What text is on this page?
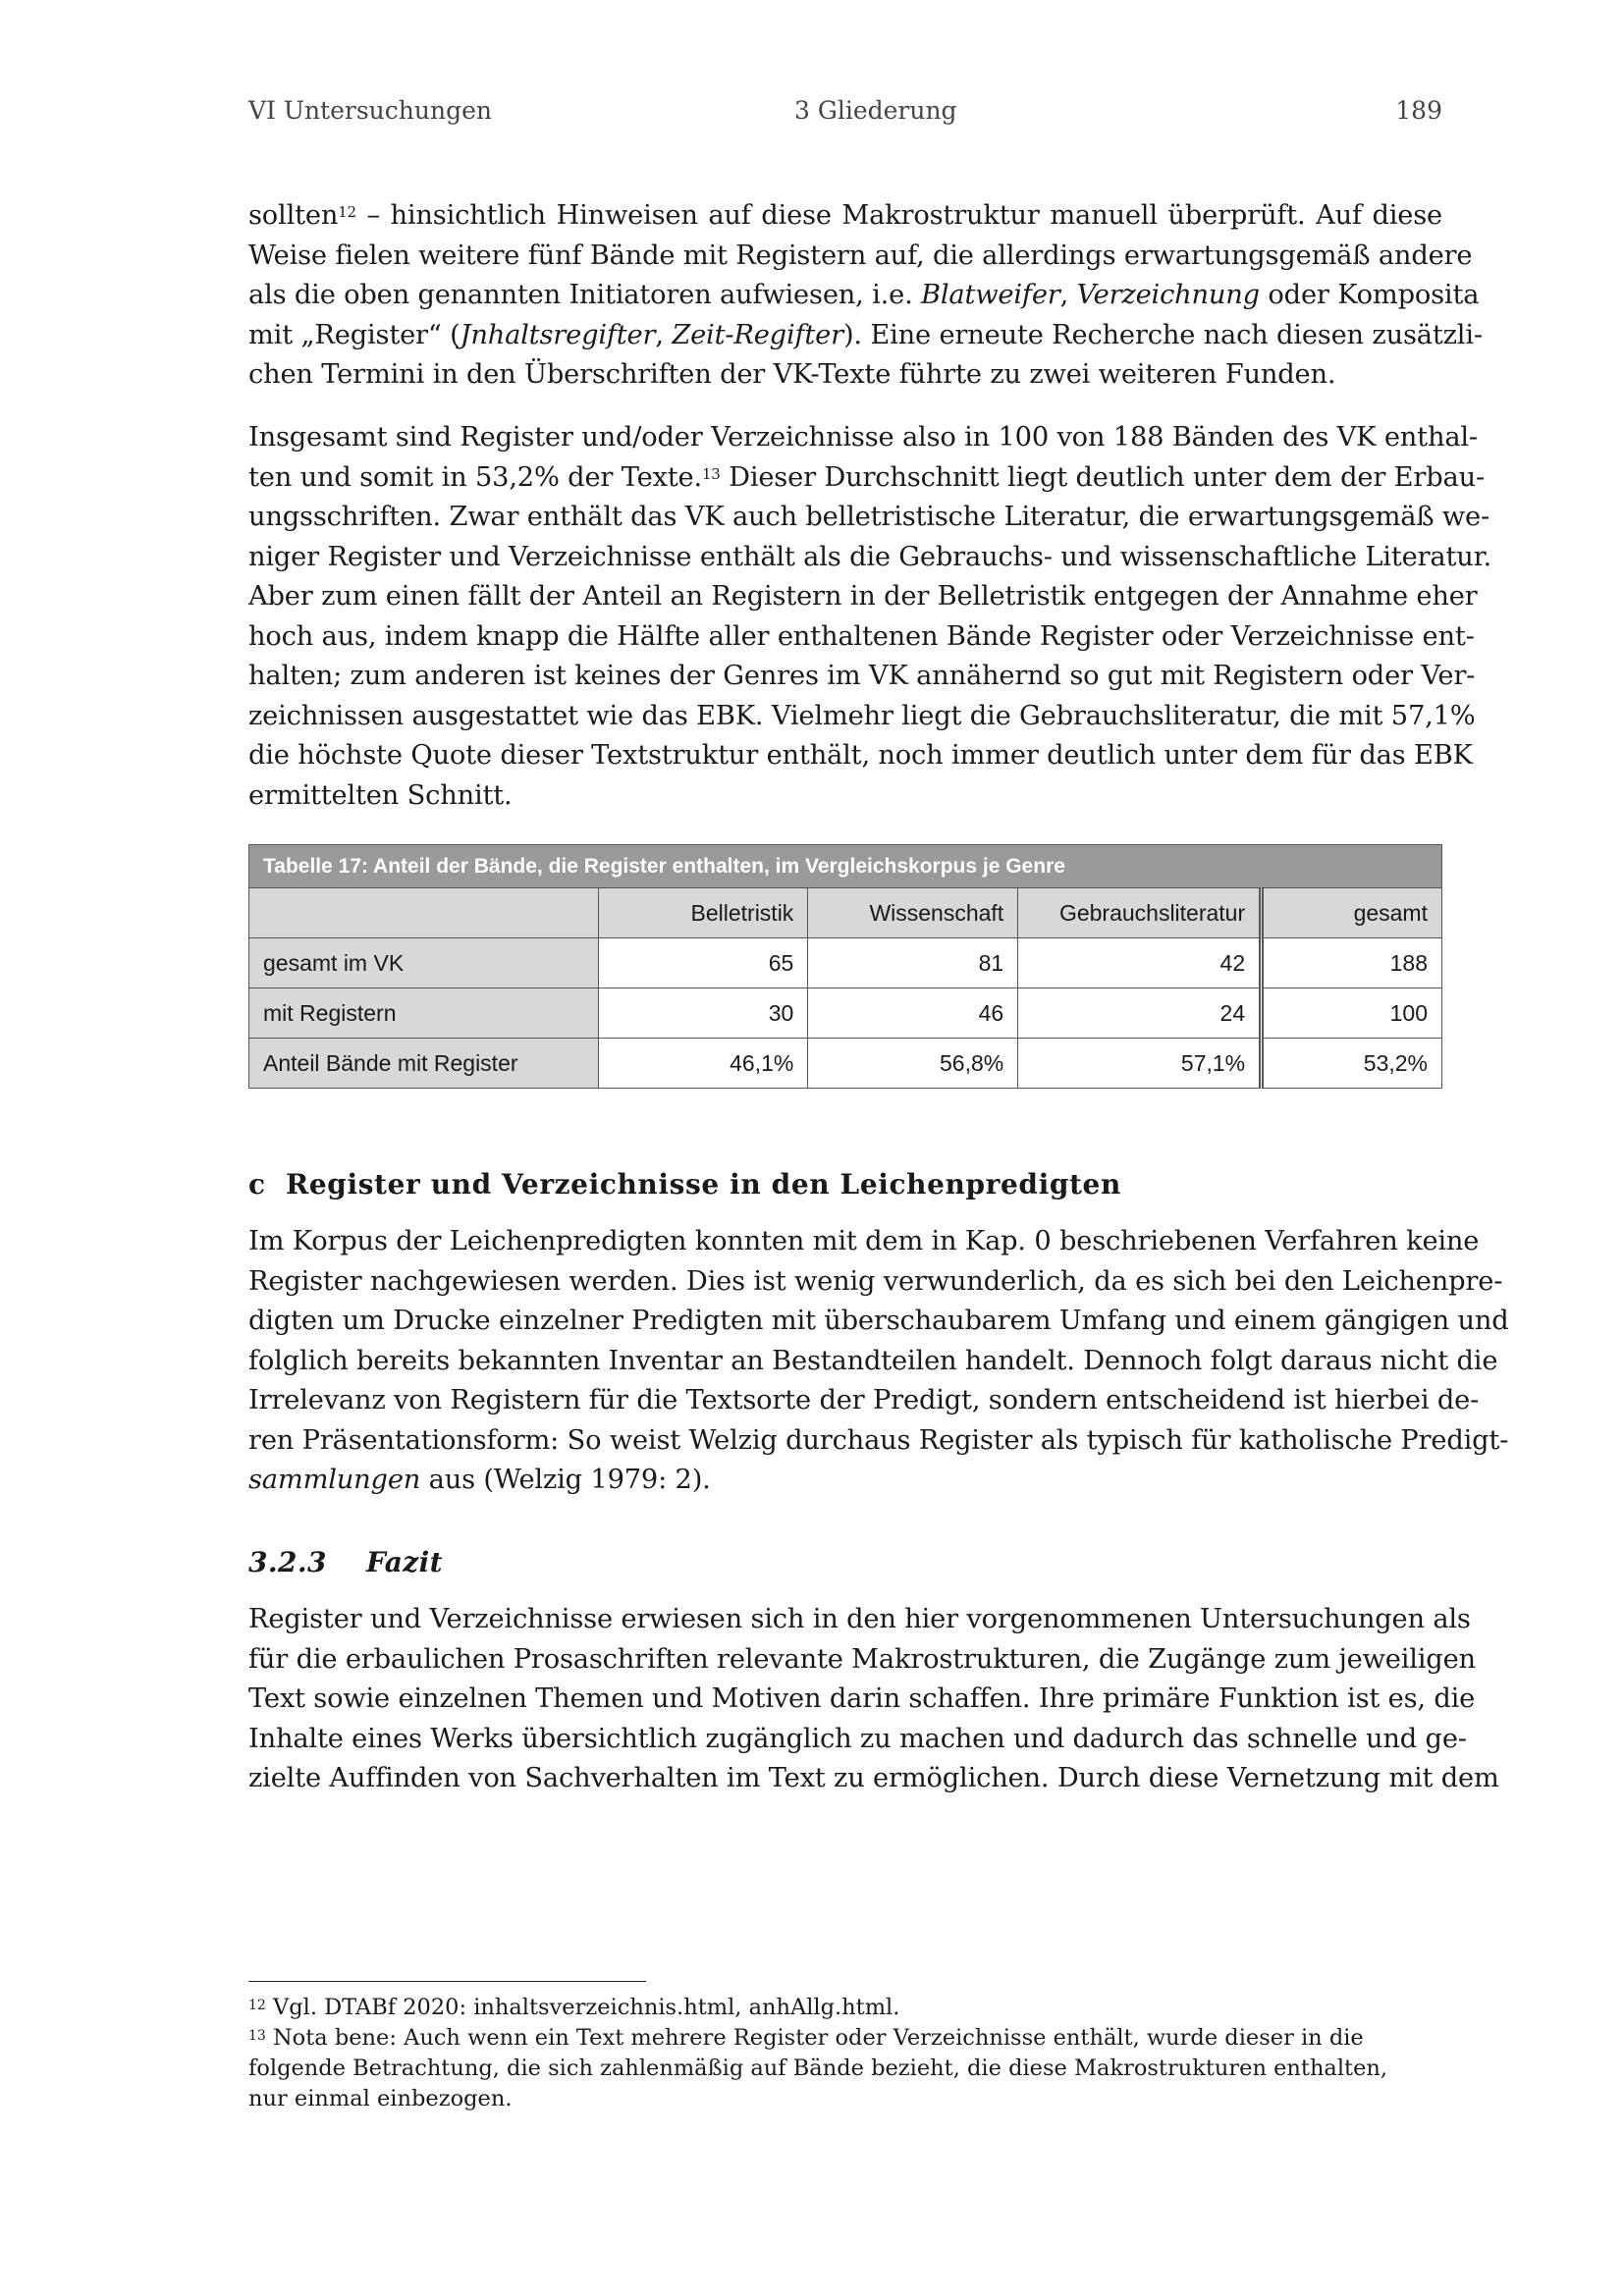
VI Untersuchungen	3 Gliederung	189
sollten$^{12}$ – hinsichtlich Hinweisen auf diese Makrostruktur manuell überprüft. Auf diese
Weise fielen weitere fünf Bände mit Registern auf, die allerdings erwartungsgemäß andere
als die oben genannten Initiatoren aufwiesen, i.e. Blatweifer, Verzeichnung oder Komposita
mit „Register“ (Jnhaltsregifter, Zeit-Regifter). Eine erneute Recherche nach diesen zusätzli-
chen Termini in den Überschriften der VK-Texte führte zu zwei weiteren Funden.
Insgesamt sind Register und/oder Verzeichnisse also in 100 von 188 Bänden des VK enthal-
ten und somit in 53,2% der Texte.$^{13}$ Dieser Durchschnitt liegt deutlich unter dem der Erbau-
ungsschriften. Zwar enthält das VK auch belletristische Literatur, die erwartungsgemäß we-
niger Register und Verzeichnisse enthält als die Gebrauchs- und wissenschaftliche Literatur.
Aber zum einen fällt der Anteil an Registern in der Belletristik entgegen der Annahme eher
hoch aus, indem knapp die Hälfte aller enthaltenen Bände Register oder Verzeichnisse ent-
halten; zum anderen ist keines der Genres im VK annähernd so gut mit Registern oder Ver-
zeichnissen ausgestattet wie das EBK. Vielmehr liegt die Gebrauchsliteratur, die mit 57,1%
die höchste Quote dieser Textstruktur enthält, noch immer deutlich unter dem für das EBK
ermittelten Schnitt.
Tabelle 17: Anteil der Bände, die Register enthalten, im Vergleichskorpus je Genre				
	Belletristik	Wissenschaft	Gebrauchsliteratur	gesamt
gesamt im VK	65	81	42	188
mit Registern	30	46	24	100
Anteil Bände mit Register	46,1%	56,8%	57,1%	53,2%
c Register und Verzeichnisse in den Leichenpredigten
Im Korpus der Leichenpredigten konnten mit dem in Kap. 0 beschriebenen Verfahren keine
Register nachgewiesen werden. Dies ist wenig verwunderlich, da es sich bei den Leichenpre-
digten um Drucke einzelner Predigten mit überschaubarem Umfang und einem gängigen und
folglich bereits bekannten Inventar an Bestandteilen handelt. Dennoch folgt daraus nicht die
Irrelevanz von Registern für die Textsorte der Predigt, sondern entscheidend ist hierbei de-
ren Präsentationsform: So weist Welzig durchaus Register als typisch für katholische Predigt-
sammlungen aus (Welzig 1979: 2).
3.2.3 Fazit
Register und Verzeichnisse erwiesen sich in den hier vorgenommenen Untersuchungen als
für die erbaulichen Prosaschriften relevante Makrostrukturen, die Zugänge zum jeweiligen
Text sowie einzelnen Themen und Motiven darin schaffen. Ihre primäre Funktion ist es, die
Inhalte eines Werks übersichtlich zugänglich zu machen und dadurch das schnelle und ge-
zielte Auffinden von Sachverhalten im Text zu ermöglichen. Durch diese Vernetzung mit dem
$^{12}$ Vgl. DTABf 2020: inhaltsverzeichnis.html, anhAllg.html.
$^{13}$ Nota bene: Auch wenn ein Text mehrere Register oder Verzeichnisse enthält, wurde dieser in die
folgende Betrachtung, die sich zahlenmäßig auf Bände bezieht, die diese Makrostrukturen enthalten,
nur einmal einbezogen.
